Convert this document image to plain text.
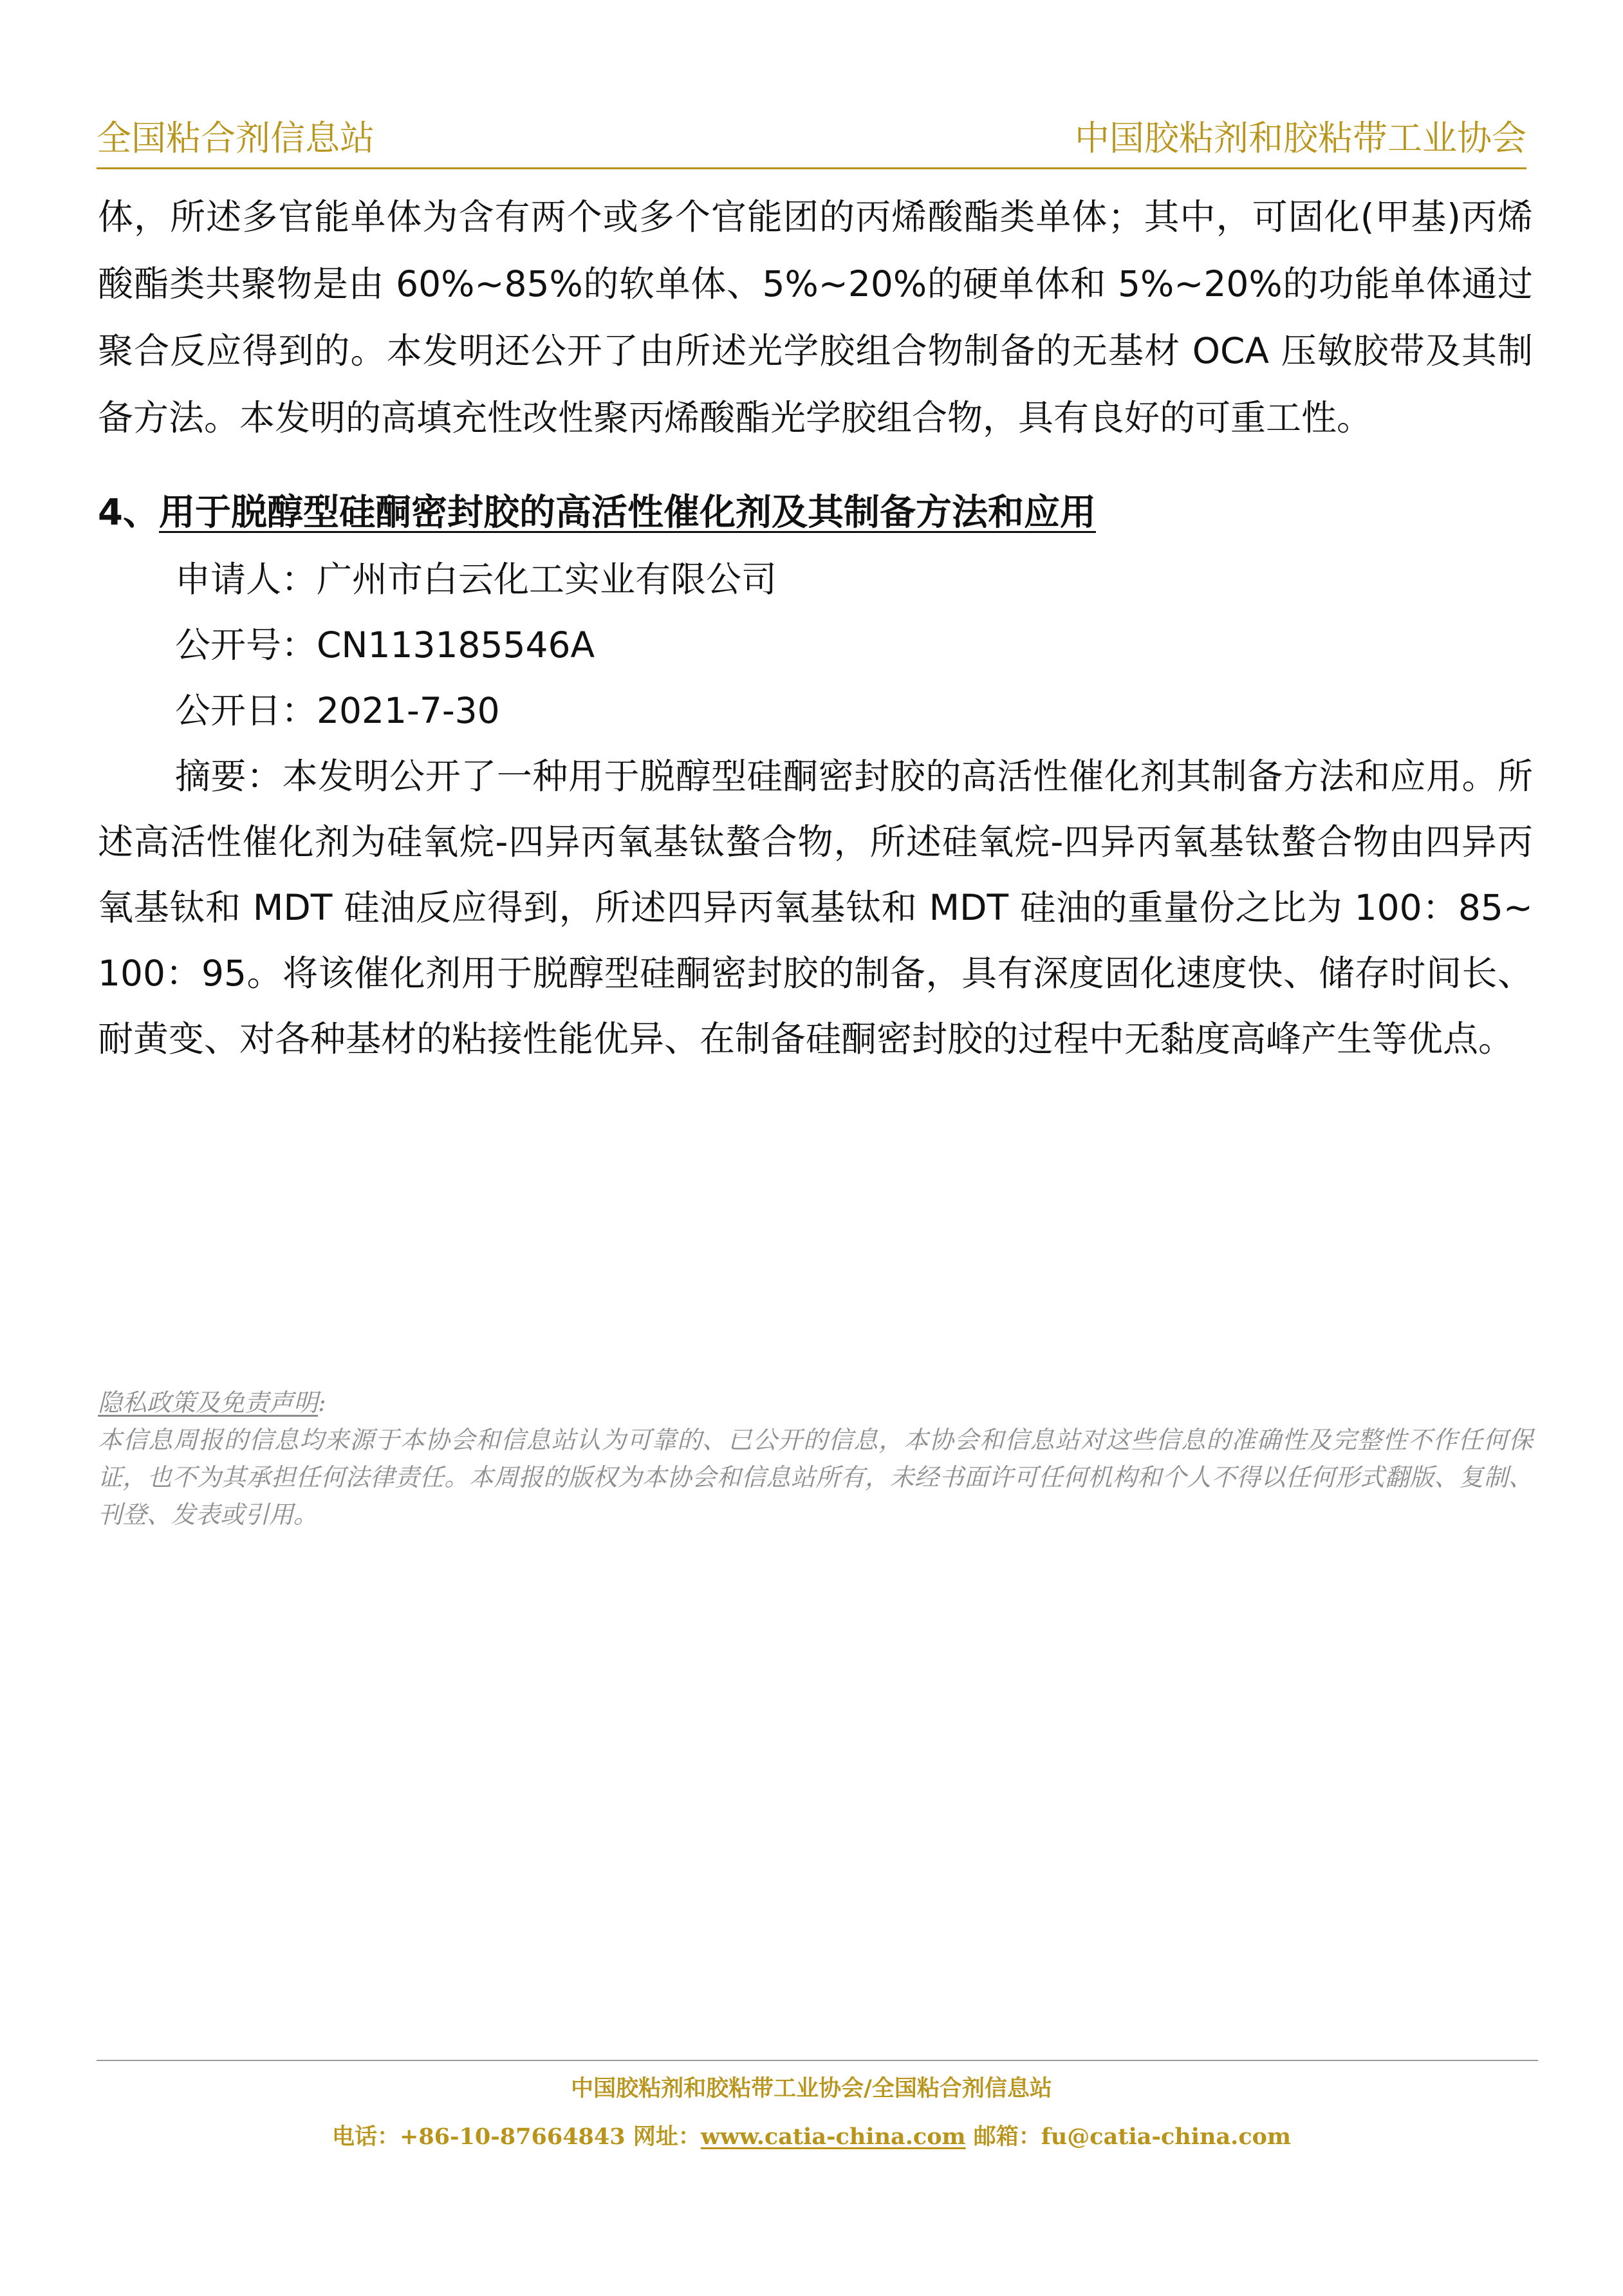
全国粘合剂信息站	中国胶粘剂和胶粘带工业协会

体，所述多官能单体为含有两个或多个官能团的丙烯酸酯类单体；其中，可固化(甲基)丙烯酸酯类共聚物是由 60%~85%的软单体、5%~20%的硬单体和 5%~20%的功能单体通过聚合反应得到的。本发明还公开了由所述光学胶组合物制备的无基材 OCA 压敏胶带及其制备方法。本发明的高填充性改性聚丙烯酸酯光学胶组合物，具有良好的可重工性。

4、用于脱醇型硅酮密封胶的高活性催化剂及其制备方法和应用
申请人：广州市白云化工实业有限公司
公开号：CN113185546A
公开日：2021-7-30

摘要：本发明公开了一种用于脱醇型硅酮密封胶的高活性催化剂其制备方法和应用。所述高活性催化剂为硅氧烷-四异丙氧基钛螯合物，所述硅氧烷-四异丙氧基钛螯合物由四异丙氧基钛和 MDT 硅油反应得到，所述四异丙氧基钛和 MDT 硅油的重量份之比为 100：85~100：95。将该催化剂用于脱醇型硅酮密封胶的制备，具有深度固化速度快、储存时间长、耐黄变、对各种基材的粘接性能优异、在制备硅酮密封胶的过程中无黏度高峰产生等优点。

隐私政策及免责声明:
本信息周报的信息均来源于本协会和信息站认为可靠的、已公开的信息，本协会和信息站对这些信息的准确性及完整性不作任何保证，也不为其承担任何法律责任。本周报的版权为本协会和信息站所有，未经书面许可任何机构和个人不得以任何形式翻版、复制、刊登、发表或引用。
中国胶粘剂和胶粘带工业协会/全国粘合剂信息站
电话：+86-10-87664843 网址：www.catia-china.com 邮箱：fu@catia-china.com
